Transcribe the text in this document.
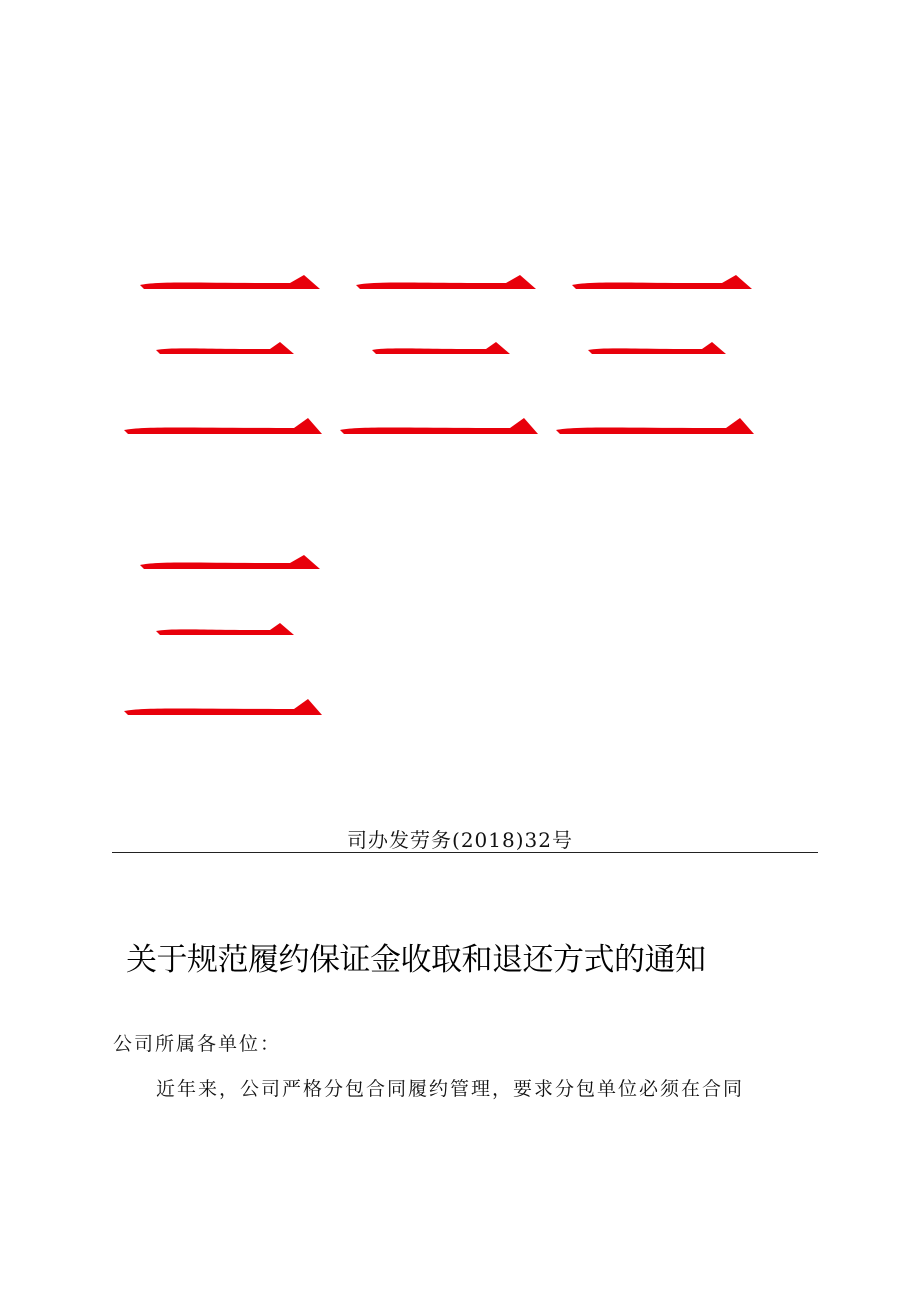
司办发劳务(2018)32号
关于规范履约保证金收取和退还方式的通知
公司所属各单位：
近年来，公司严格分包合同履约管理，要求分包单位必须在合同
